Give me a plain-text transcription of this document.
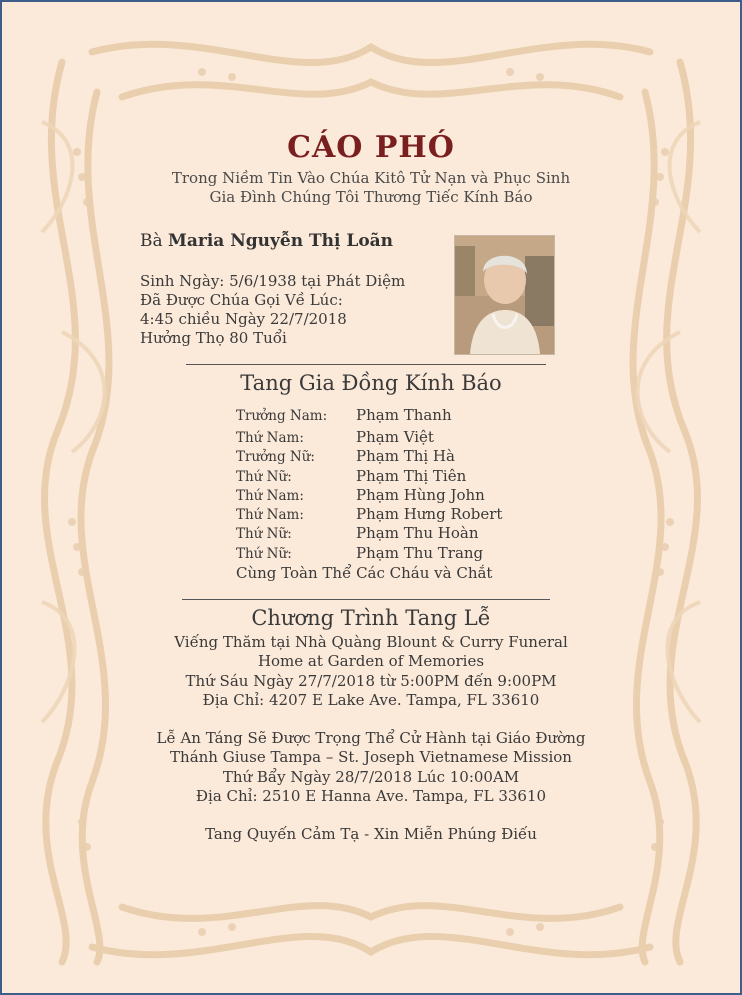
CÁO PHÓ
Trong Niềm Tin Vào Chúa Kitô Tử Nạn và Phục Sinh
Gia Đình Chúng Tôi Thương Tiếc Kính Báo
Bà Maria Nguyễn Thị Loãn
Sinh Ngày: 5/6/1938 tại Phát Diệm
Đã Được Chúa Gọi Về Lúc:
4:45 chiều Ngày 22/7/2018
Hưởng Thọ 80 Tuổi
Tang Gia Đồng Kính Báo
Trưởng Nam: Phạm Thanh
Thứ Nam:	Phạm Việt
Trưởng Nữ:	Phạm Thị Hà
Thứ Nữ:	Phạm Thị Tiên
Thứ Nam:	Phạm Hùng John
Thứ Nam:	Phạm Hưng Robert
Thứ Nữ:	Phạm Thu Hoàn
Thứ Nữ:	Phạm Thu Trang
Cùng Toàn Thể Các Cháu và Chắt
Chương Trình Tang Lễ
Viếng Thăm tại Nhà Quàng Blount & Curry Funeral
Home at Garden of Memories
Thứ Sáu Ngày 27/7/2018 từ 5:00PM đến 9:00PM
Địa Chỉ: 4207 E Lake Ave. Tampa, FL 33610
Lễ An Táng Sẽ Được Trọng Thể Cử Hành tại Giáo Đường
Thánh Giuse Tampa – St. Joseph Vietnamese Mission
Thứ Bẩy Ngày 28/7/2018 Lúc 10:00AM
Địa Chỉ: 2510 E Hanna Ave. Tampa, FL 33610
Tang Quyến Cảm Tạ - Xin Miễn Phúng Điếu
